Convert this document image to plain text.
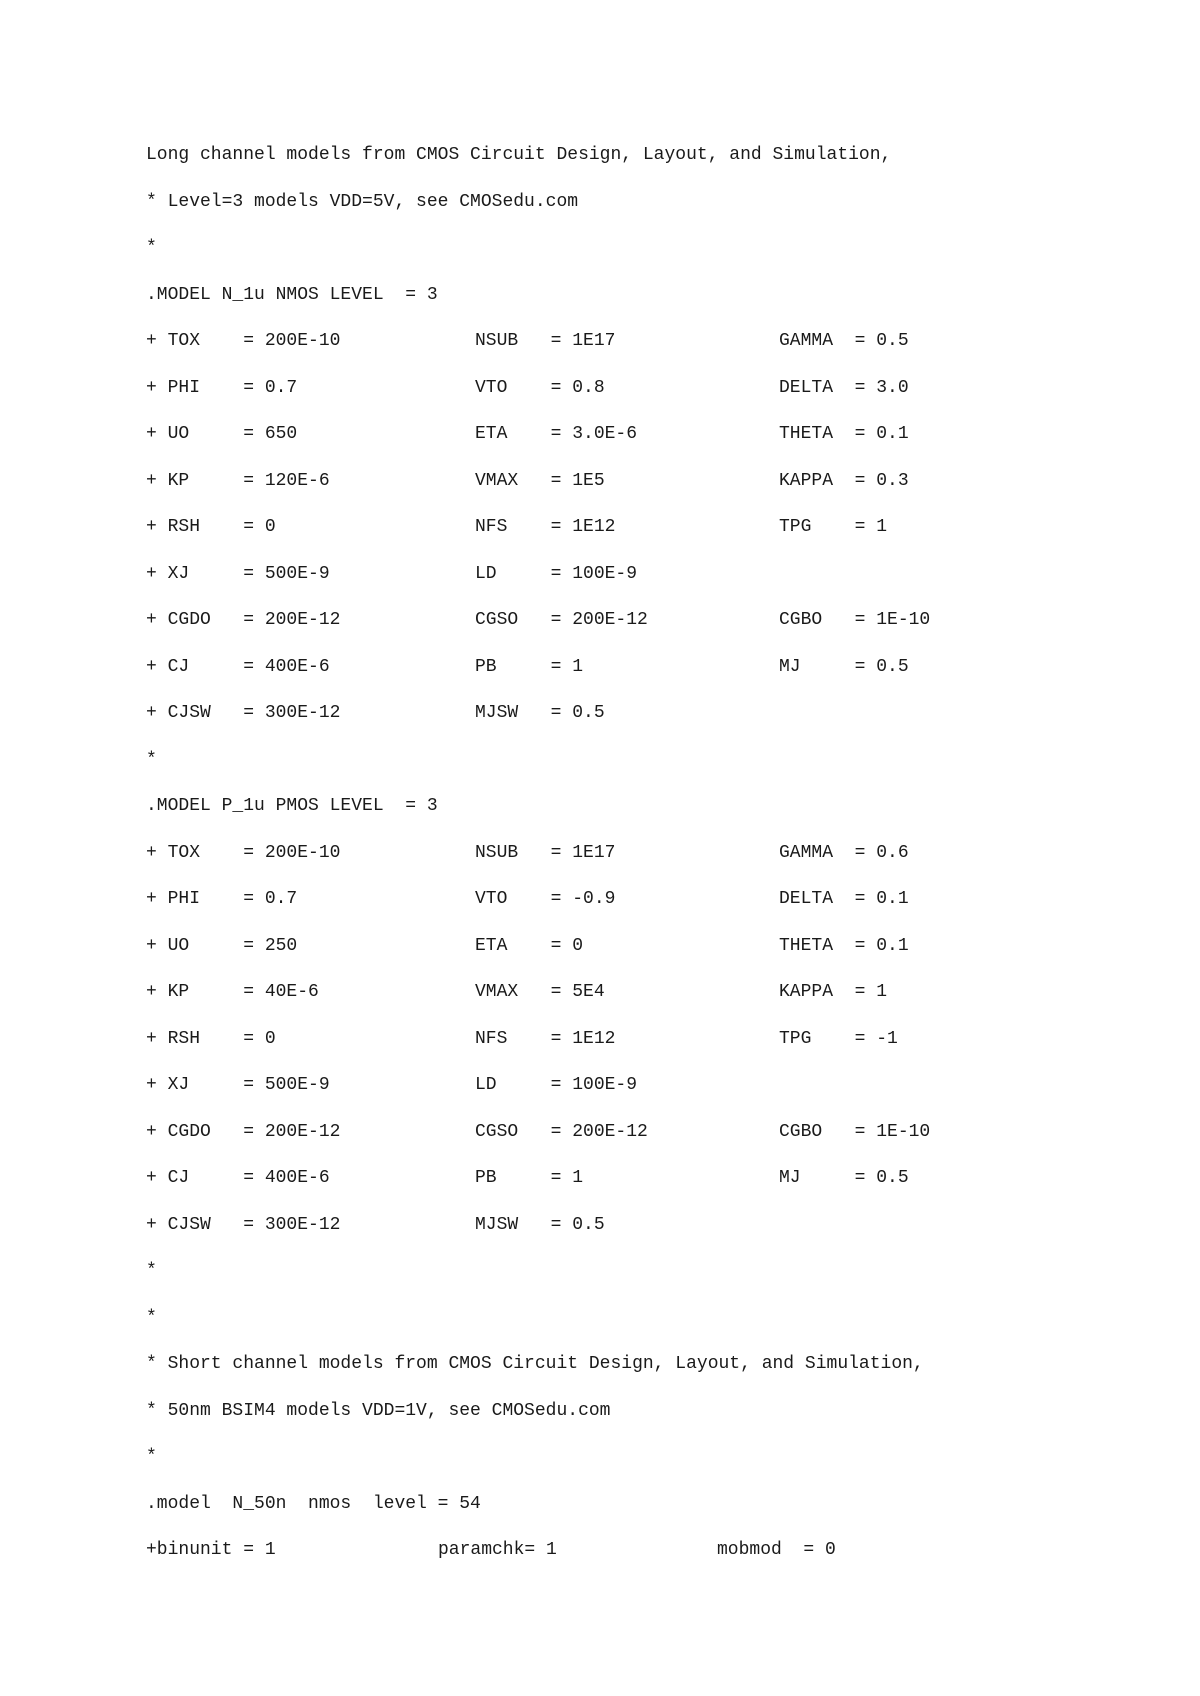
Long channel models from CMOS Circuit Design, Layout, and Simulation,
* Level=3 models VDD=5V, see CMOSedu.com
*
.MODEL N_1u NMOS LEVEL  = 3
+ TOX    = 200E-10	NSUB   = 1E17	GAMMA  = 0.5
+ PHI    = 0.7	VTO    = 0.8	DELTA  = 3.0
+ UO     = 650	ETA    = 3.0E-6	THETA  = 0.1
+ KP     = 120E-6	VMAX   = 1E5	KAPPA  = 0.3
+ RSH    = 0	NFS    = 1E12	TPG    = 1
+ XJ     = 500E-9	LD     = 100E-9
+ CGDO   = 200E-12	CGSO   = 200E-12	CGBO   = 1E-10
+ CJ     = 400E-6	PB     = 1	MJ     = 0.5
+ CJSW   = 300E-12	MJSW   = 0.5
*
.MODEL P_1u PMOS LEVEL  = 3
+ TOX    = 200E-10	NSUB   = 1E17	GAMMA  = 0.6
+ PHI    = 0.7	VTO    = -0.9	DELTA  = 0.1
+ UO     = 250	ETA    = 0	THETA  = 0.1
+ KP     = 40E-6	VMAX   = 5E4	KAPPA  = 1
+ RSH    = 0	NFS    = 1E12	TPG    = -1
+ XJ     = 500E-9	LD     = 100E-9
+ CGDO   = 200E-12	CGSO   = 200E-12	CGBO   = 1E-10
+ CJ     = 400E-6	PB     = 1	MJ     = 0.5
+ CJSW   = 300E-12	MJSW   = 0.5
*
*
* Short channel models from CMOS Circuit Design, Layout, and Simulation,
* 50nm BSIM4 models VDD=1V, see CMOSedu.com
*
.model  N_50n  nmos  level = 54
+binunit = 1	paramchk= 1	mobmod  = 0
